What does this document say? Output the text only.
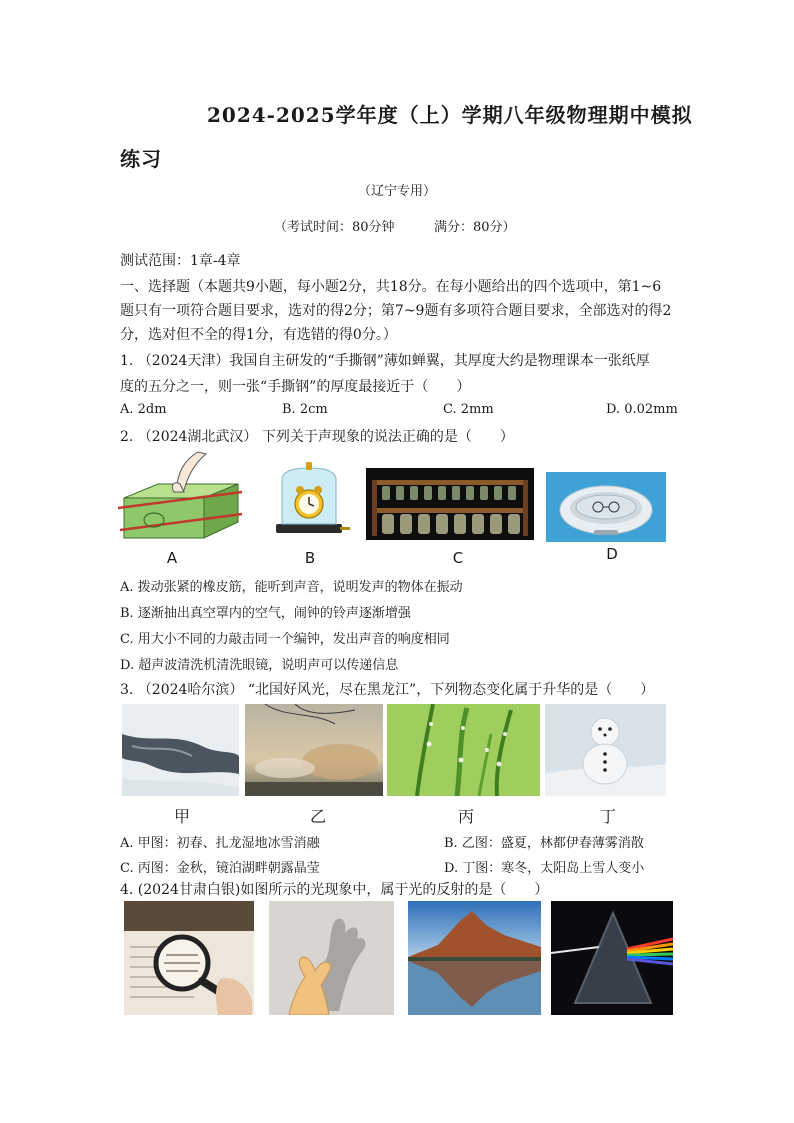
2024-2025学年度（上）学期八年级物理期中模拟
练习
（辽宁专用）
（考试时间：80分钟	满分：80分）
测试范围：1章-4章
一、选择题（本题共9小题，每小题2分，共18分。在每小题给出的四个选项中，第1~6
题只有一项符合题目要求，选对的得2分；第7~9题有多项符合题目要求，全部选对的得2
分，选对但不全的得1分，有选错的得0分。）
1. （2024天津）我国自主研发的“手撕钢”薄如蝉翼，其厚度大约是物理课本一张纸厚
度的五分之一，则一张“手撕钢”的厚度最接近于（　　）
A. 2dm	B. 2cm	C. 2mm	D. 0.02mm
2. （2024湖北武汉） 下列关于声现象的说法正确的是（　　）
A	B	C	D
A. 拨动张紧的橡皮筋，能听到声音，说明发声的物体在振动
B. 逐渐抽出真空罩内的空气，闹钟的铃声逐渐增强
C. 用大小不同的力敲击同一个编钟，发出声音的响度相同
D. 超声波清洗机清洗眼镜，说明声可以传递信息
3. （2024哈尔滨） “北国好风光，尽在黑龙江”，下列物态变化属于升华的是（　　）
甲	乙	丙	丁
A. 甲图：初春、扎龙湿地冰雪消融	B. 乙图：盛夏，林都伊春薄雾消散
C. 丙图：金秋，镜泊湖畔朝露晶莹	D. 丁图：寒冬，太阳岛上雪人变小
4. (2024甘肃白银)如图所示的光现象中，属于光的反射的是（　　）
